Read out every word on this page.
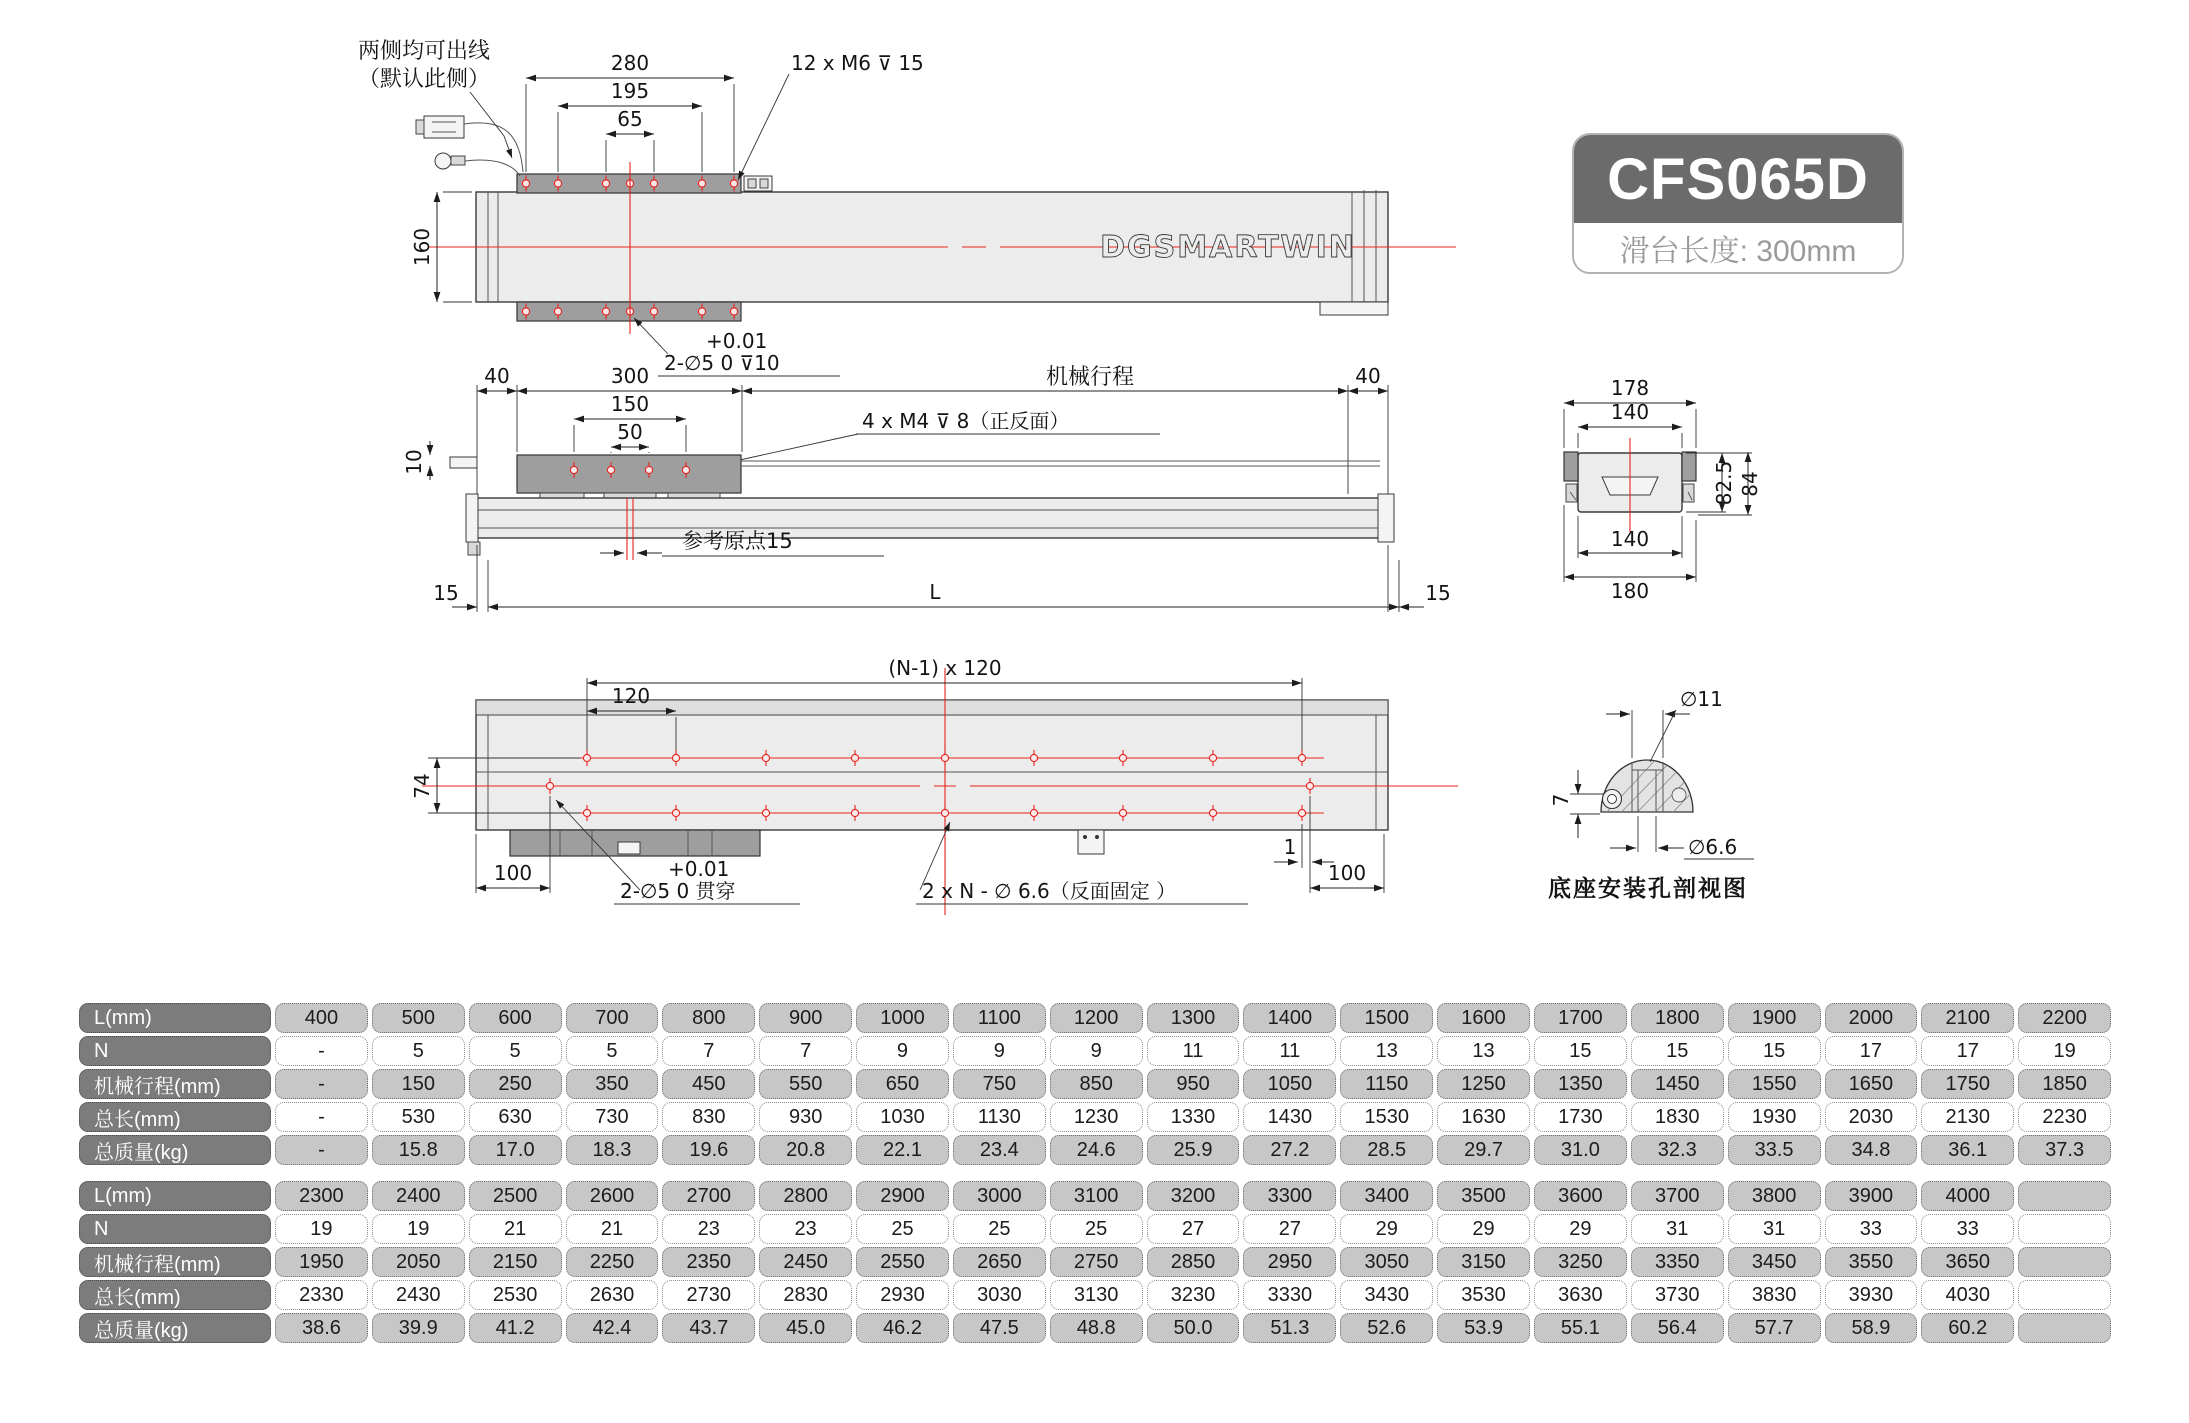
DGSMARTWIN
两侧均可出线
（默认此侧）
280
195
65
12 x M6 ⊽ 15
160
+0.01
2-∅5 0 ⊽10
40	300	机械行程	40
150
50	4 x M4 ⊽ 8（正反面）
10
参考原点15
15	L	15
(N-1) x 120
120
74
100	+0.01
2-∅5 0 贯穿	2 x N - ∅ 6.6（反面固定 ）
1
100
178
140
82.5 84
140
180
∅11
7
∅6.6
底座安装孔剖视图
CFS065D
滑台长度: 300mm
L(mm)	400	500	600	700	800	900	1000	1100	1200	1300	1400	1500	1600	1700	1800	1900	2000	2100	2200
N	-	5	5	5	7	7	9	9	9	11	11	13	13	15	15	15	17	17	19
机械行程(mm)	-	150	250	350	450	550	650	750	850	950	1050	1150	1250	1350	1450	1550	1650	1750	1850
总长(mm)	-	530	630	730	830	930	1030	1130	1230	1330	1430	1530	1630	1730	1830	1930	2030	2130	2230
总质量(kg)	-	15.8	17.0	18.3	19.6	20.8	22.1	23.4	24.6	25.9	27.2	28.5	29.7	31.0	32.3	33.5	34.8	36.1	37.3
L(mm)	2300	2400	2500	2600	2700	2800	2900	3000	3100	3200	3300	3400	3500	3600	3700	3800	3900	4000
N	19	19	21	21	23	23	25	25	25	27	27	29	29	29	31	31	33	33
机械行程(mm)	1950	2050	2150	2250	2350	2450	2550	2650	2750	2850	2950	3050	3150	3250	3350	3450	3550	3650
总长(mm)	2330	2430	2530	2630	2730	2830	2930	3030	3130	3230	3330	3430	3530	3630	3730	3830	3930	4030
总质量(kg)	38.6	39.9	41.2	42.4	43.7	45.0	46.2	47.5	48.8	50.0	51.3	52.6	53.9	55.1	56.4	57.7	58.9	60.2
